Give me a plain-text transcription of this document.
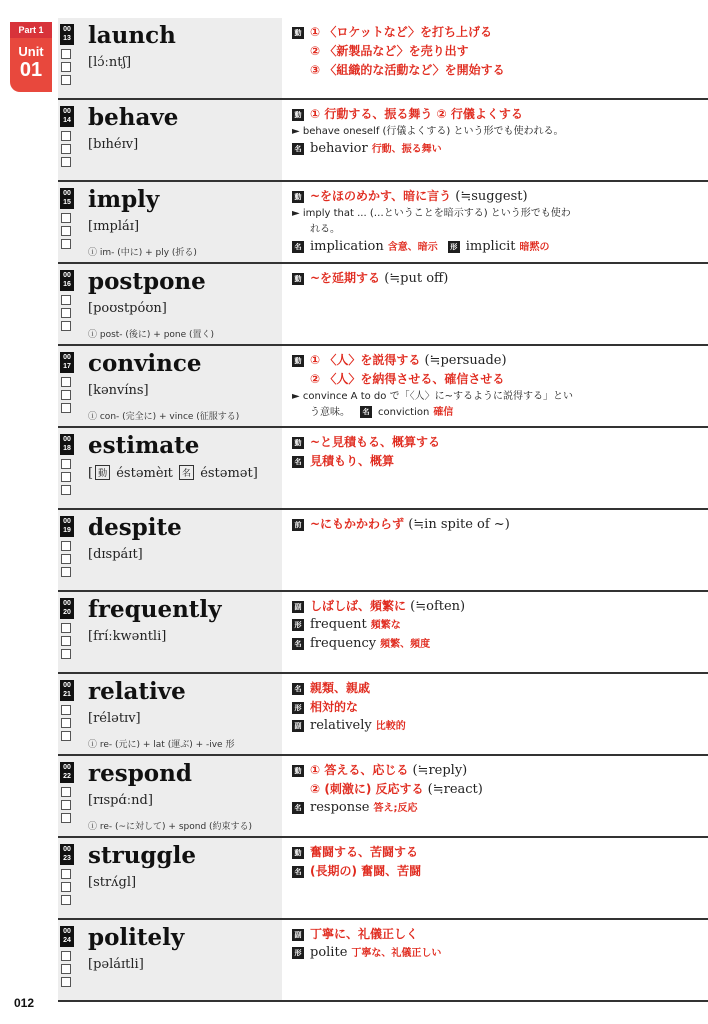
Part 1
Unit
01
00 13 launch
[lɔ́ːntʃ]
動 ① 〈ロケットなど〉を打ち上げる
② 〈新製品など〉を売り出す
③ 〈組織的な活動など〉を開始する
00 14 behave
[bɪhéɪv]
動 ① 行動する、振る舞う ② 行儀よくする
► behave oneself (行儀よくする) という形でも使われる。
名 behavior 行動、振る舞い
00 15 imply
[ɪmpláɪ]
ⓘ im- (中に) + ply (折る)
動 ~をほのめかす、暗に言う (≒suggest)
► imply that ... (…ということを暗示する) という形でも使わ
れる。
名 implication 含意、暗示 形 implicit 暗黙の
00 16 postpone
[poʊstpóʊn]
ⓘ post- (後に) + pone (置く)
動 ~を延期する (≒put off)
00 17 convince
[kənvíns]
ⓘ con- (完全に) + vince (征服する)
動 ① 〈人〉を説得する (≒persuade)
② 〈人〉を納得させる、確信させる
► convince A to do で「〈人〉に~するように説得する」とい
う意味。 名 conviction 確信
00 18 estimate
[ 動 éstəmèɪt 名 éstəmət]
動 ~と見積もる、概算する
名 見積もり、概算
00 19 despite
[dɪspáɪt]
前 ~にもかかわらず (≒in spite of ~)
00 20 frequently
[fríːkwəntli]
副 しばしば、頻繁に (≒often)
形 frequent 頻繁な
名 frequency 頻繁、頻度
00 21 relative
[rélətɪv]
ⓘ re- (元に) + lat (運ぶ) + -ive 形
名 親類、親戚
形 相対的な
副 relatively 比較的
00 22 respond
[rɪspɑ́ːnd]
ⓘ re- (~に対して) + spond (約束する)
動 ① 答える、応じる (≒reply)
② (刺激に) 反応する (≒react)
名 response 答え;反応
00 23 struggle
[strʌ́gl]
動 奮闘する、苦闘する
名 (長期の) 奮闘、苦闘
00 24 politely
[pəláɪtli]
副 丁寧に、礼儀正しく
形 polite 丁寧な、礼儀正しい
012
